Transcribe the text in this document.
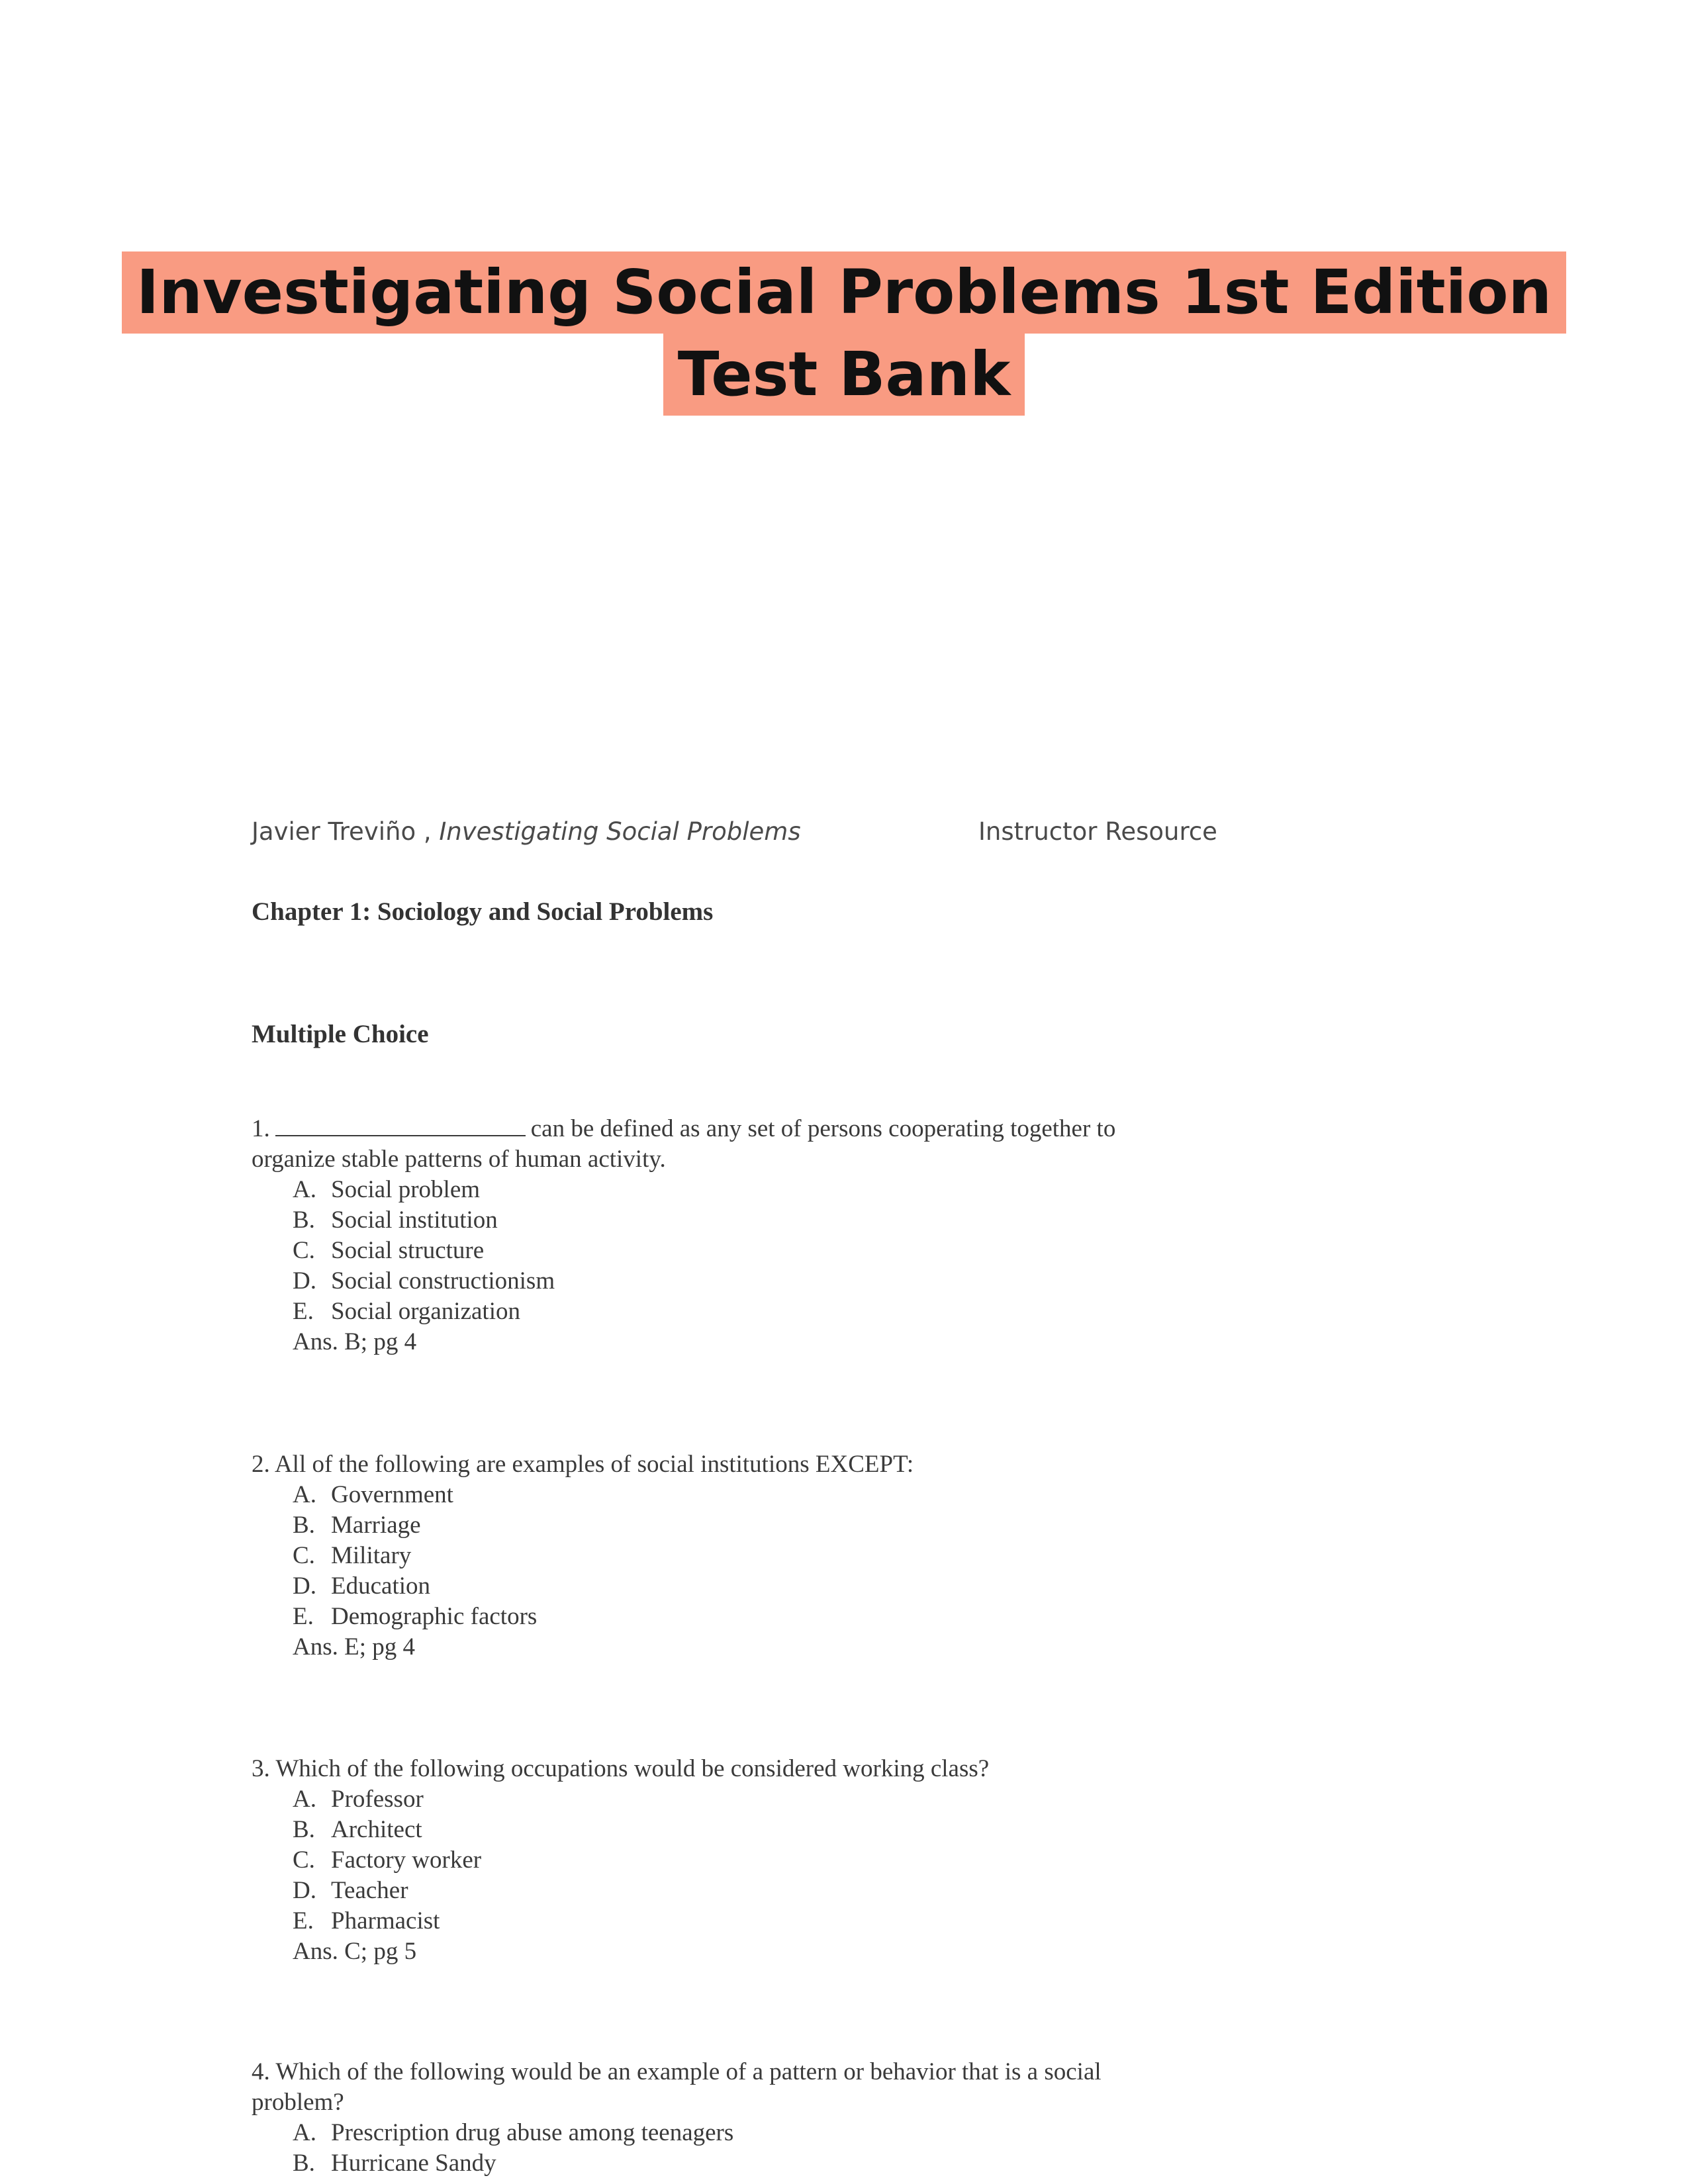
Investigating Social Problems 1st Edition
Test Bank
Javier Treviño , Investigating Social Problems	Instructor Resource
Chapter 1: Sociology and Social Problems
Multiple Choice
1.	can be defined as any set of persons cooperating together to
organize stable patterns of human activity.
A. Social problem
B. Social institution
C. Social structure
D. Social constructionism
E. Social organization
Ans. B; pg 4
2. All of the following are examples of social institutions EXCEPT:
A. Government
B. Marriage
C. Military
D. Education
E. Demographic factors
Ans. E; pg 4
3. Which of the following occupations would be considered working class?
A. Professor
B. Architect
C. Factory worker
D. Teacher
E. Pharmacist
Ans. C; pg 5
4. Which of the following would be an example of a pattern or behavior that is a social
problem?
A. Prescription drug abuse among teenagers
B. Hurricane Sandy
